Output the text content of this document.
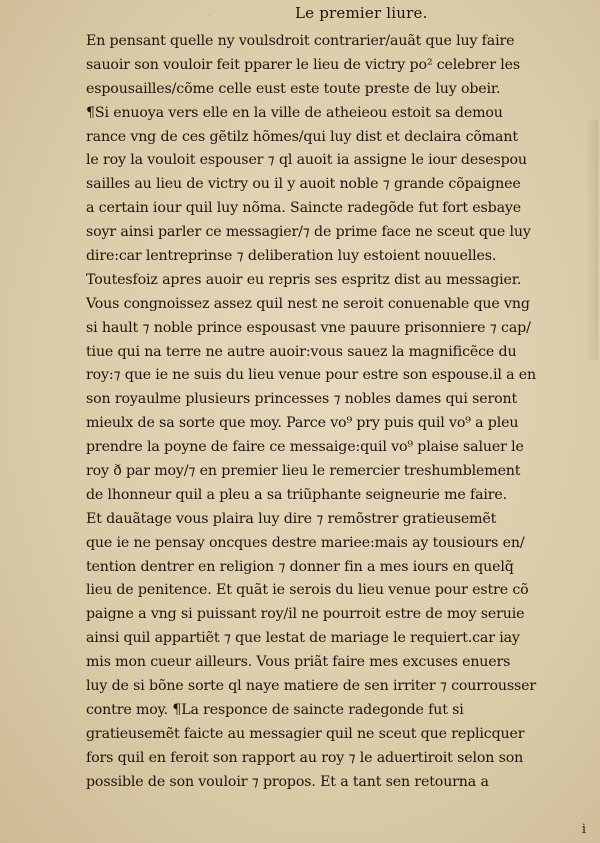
.	Le premier liure.
En pensant quelle ny voulsdroit contrarier/auãt que luy faire
sauoir son vouloir feit pparer le lieu de victry po² celebrer les
espousailles/cõme celle eust este toute preste de luy obeir.
¶Si enuoya vers elle en la ville de atheieou estoit sa demou
rance vng de ces gẽtilz hõmes/qui luy dist et declaira cõmant
le roy la vouloit espouser ⁊ ql auoit ia assigne le iour desespou
sailles au lieu de victry ou il y auoit noble ⁊ grande cõpaignee
a certain iour quil luy nõma. Saincte radegõde fut fort esbaye
soyr ainsi parler ce messagier/⁊ de prime face ne sceut que luy
dire:car lentreprinse ⁊ deliberation luy estoient nouuelles.
Toutesfoiz apres auoir eu repris ses espritz dist au messagier.
Vous congnoissez assez quil nest ne seroit conuenable que vng
si hault ⁊ noble prince espousast vne pauure prisonniere ⁊ cap/
tiue qui na terre ne autre auoir:vous sauez la magnificẽce du
roy:⁊ que ie ne suis du lieu venue pour estre son espouse.il a en
son royaulme plusieurs princesses ⁊ nobles dames qui seront
mieulx de sa sorte que moy. Parce vo⁹ pry puis quil vo⁹ a pleu
prendre la poyne de faire ce messaige:quil vo⁹ plaise saluer le
roy ð par moy/⁊ en premier lieu le remercier treshumblement
de lhonneur quil a pleu a sa triũphante seigneurie me faire.
Et dauãtage vous plaira luy dire ⁊ remõstrer gratieusemẽt
que ie ne pensay oncques destre mariee:mais ay tousiours en/
tention dentrer en religion ⁊ donner fin a mes iours en quelq̃
lieu de penitence. Et quãt ie serois du lieu venue pour estre cõ
paigne a vng si puissant roy/il ne pourroit estre de moy seruie
ainsi quil appartiẽt ⁊ que lestat de mariage le requiert.car iay
mis mon cueur ailleurs. Vous priãt faire mes excuses enuers
luy de si bõne sorte ql naye matiere de sen irriter ⁊ courrousser
contre moy. ¶La responce de saincte radegonde fut si
gratieusemẽt faicte au messagier quil ne sceut que replicquer
fors quil en feroit son rapport au roy ⁊ le aduertiroit selon son
possible de son vouloir ⁊ propos. Et a tant sen retourna a
i
